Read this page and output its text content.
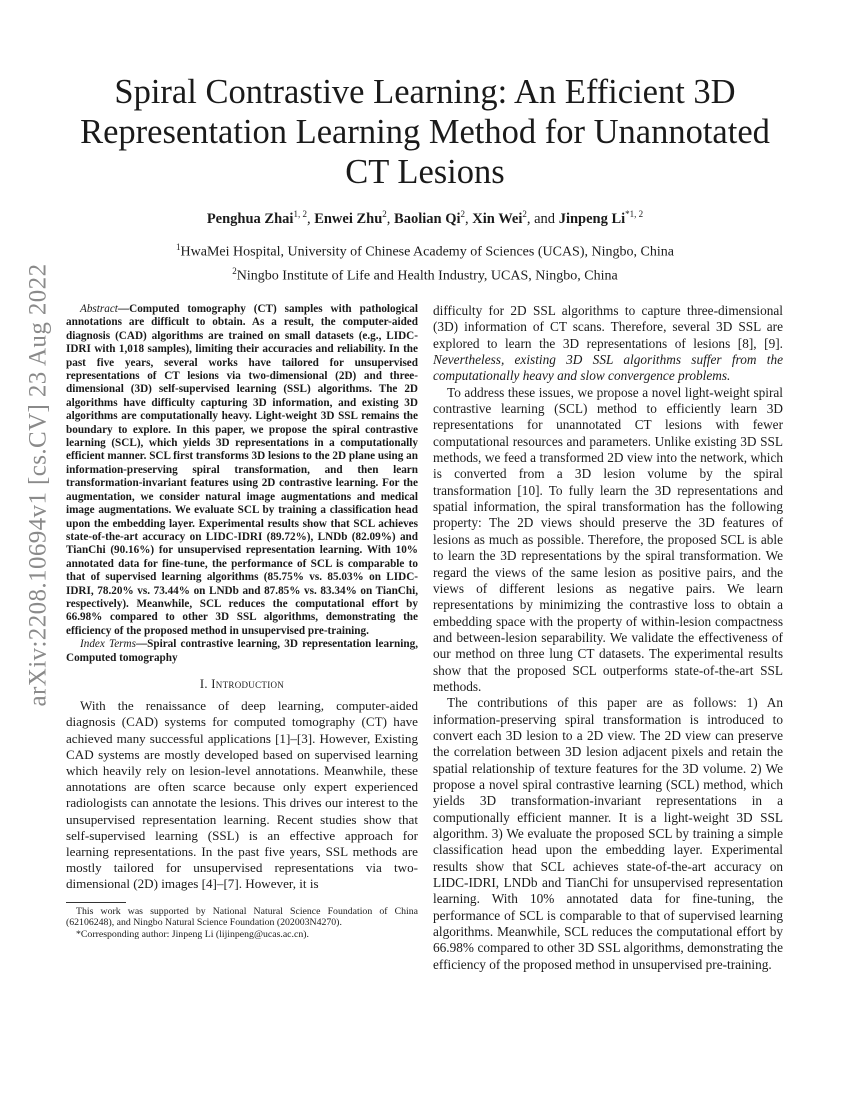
arXiv:2208.10694v1 [cs.CV] 23 Aug 2022
Spiral Contrastive Learning: An Efficient 3D
Representation Learning Method for Unannotated
CT Lesions
Penghua Zhai$^{1, 2}$, Enwei Zhu$^2$, Baolian Qi$^2$, Xin Wei$^2$, and Jinpeng Li$^{*1, 2}$
$^1$HwaMei Hospital, University of Chinese Academy of Sciences (UCAS), Ningbo, China
$^2$Ningbo Institute of Life and Health Industry, UCAS, Ningbo, China

Abstract—Computed tomography (CT) samples with pathological annotations are difficult to obtain. As a result, the computer-aided diagnosis (CAD) algorithms are trained on small datasets (e.g., LIDC-IDRI with 1,018 samples), limiting their accuracies and reliability. In the past five years, several works have tailored for unsupervised representations of CT lesions via two-dimensional (2D) and three-dimensional (3D) self-supervised learning (SSL) algorithms. The 2D algorithms have difficulty capturing 3D information, and existing 3D algorithms are computationally heavy. Light-weight 3D SSL remains the boundary to explore. In this paper, we propose the spiral contrastive learning (SCL), which yields 3D representations in a computationally efficient manner. SCL first transforms 3D lesions to the 2D plane using an information-preserving spiral transformation, and then learn transformation-invariant features using 2D contrastive learning. For the augmentation, we consider natural image augmentations and medical image augmentations. We evaluate SCL by training a classification head upon the embedding layer. Experimental results show that SCL achieves state-of-the-art accuracy on LIDC-IDRI (89.72%), LNDb (82.09%) and TianChi (90.16%) for unsupervised representation learning. With 10% annotated data for fine-tune, the performance of SCL is comparable to that of supervised learning algorithms (85.75% vs. 85.03% on LIDC-IDRI, 78.20% vs. 73.44% on LNDb and 87.85% vs. 83.34% on TianChi, respectively). Meanwhile, SCL reduces the computational effort by 66.98% compared to other 3D SSL algorithms, demonstrating the efficiency of the proposed method in unsupervised pre-training.

Index Terms—Spiral contrastive learning, 3D representation learning, Computed tomography

I. Introduction

With the renaissance of deep learning, computer-aided diagnosis (CAD) systems for computed tomography (CT) have achieved many successful applications [1]–[3]. However, Existing CAD systems are mostly developed based on supervised learning which heavily rely on lesion-level annotations. Meanwhile, these annotations are often scarce because only expert experienced radiologists can annotate the lesions. This drives our interest to the unsupervised representation learning. Recent studies show that self-supervised learning (SSL) is an effective approach for learning representations. In the past five years, SSL methods are mostly tailored for unsupervised representations via two-dimensional (2D) images [4]–[7]. However, it is

This work was supported by National Natural Science Foundation of China (62106248), and Ningbo Natural Science Foundation (202003N4270).

*Corresponding author: Jinpeng Li (lijinpeng@ucas.ac.cn).

difficulty for 2D SSL algorithms to capture three-dimensional (3D) information of CT scans. Therefore, several 3D SSL are explored to learn the 3D representations of lesions [8], [9]. Nevertheless, existing 3D SSL algorithms suffer from the computationally heavy and slow convergence problems.

To address these issues, we propose a novel light-weight spiral contrastive learning (SCL) method to efficiently learn 3D representations for unannotated CT lesions with fewer computational resources and parameters. Unlike existing 3D SSL methods, we feed a transformed 2D view into the network, which is converted from a 3D lesion volume by the spiral transformation [10]. To fully learn the 3D representations and spatial information, the spiral transformation has the following property: The 2D views should preserve the 3D features of lesions as much as possible. Therefore, the proposed SCL is able to learn the 3D representations by the spiral transformation. We regard the views of the same lesion as positive pairs, and the views of different lesions as negative pairs. We learn representations by minimizing the contrastive loss to obtain a embedding space with the property of within-lesion compactness and between-lesion separability. We validate the effectiveness of our method on three lung CT datasets. The experimental results show that the proposed SCL outperforms state-of-the-art SSL methods.

The contributions of this paper are as follows: 1) An information-preserving spiral transformation is introduced to convert each 3D lesion to a 2D view. The 2D view can preserve the correlation between 3D lesion adjacent pixels and retain the spatial relationship of texture features for the 3D volume. 2) We propose a novel spiral contrastive learning (SCL) method, which yields 3D transformation-invariant representations in a computionally efficient manner. It is a light-weight 3D SSL algorithm. 3) We evaluate the proposed SCL by training a simple classification head upon the embedding layer. Experimental results show that SCL achieves state-of-the-art accuracy on LIDC-IDRI, LNDb and TianChi for unsupervised representation learning. With 10% annotated data for fine-tuning, the performance of SCL is comparable to that of supervised learning algorithms. Meanwhile, SCL reduces the computational effort by 66.98% compared to other 3D SSL algorithms, demonstrating the efficiency of the proposed method in unsupervised pre-training.
